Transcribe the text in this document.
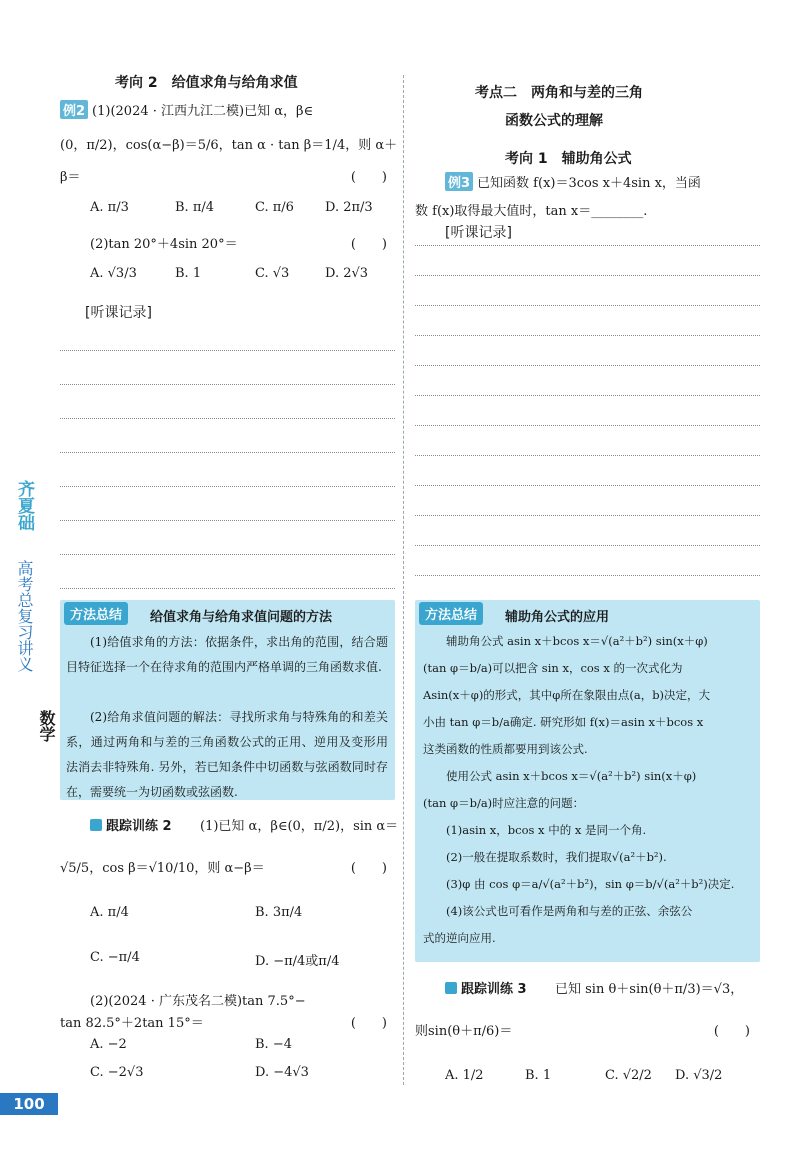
考向 2　给值求角与给角求值
例2 (1)(2024 · 江西九江二模)已知 α，β∈
(0，π/2)，cos(α−β)＝5/6，tan α · tan β＝1/4，则 α＋
β＝	(　　)
A. π/3	B. π/4	C. π/6 D. 2π/3
(2)tan 20°＋4sin 20°＝	(　　)
A. √3/3	B. 1	C. √3	D. 2√3
[听课记录]
方法总结	给值求角与给角求值问题的方法
(1)给值求角的方法：依据条件，求出角的范围，结合题目特征选择一个在待求角的范围内严格单调的三角函数求值.
(2)给角求值问题的解法：寻找所求角与特殊角的和差关系，通过两角和与差的三角函数公式的正用、逆用及变形用法消去非特殊角. 另外，若已知条件中切函数与弦函数同时存在，需要统一为切函数或弦函数.
跟踪训练 2 (1)已知 α，β∈(0，π/2)，sin α＝
√5/5，cos β＝√10/10，则 α−β＝	(　　)
A. π/4	B. 3π/4
C. −π/4	D. −π/4或π/4
(2)(2024 · 广东茂名二模)tan 7.5°−
tan 82.5°＋2tan 15°＝	(　　)
A. −2	B. −4
C. −2√3	D. −4√3
考点二　两角和与差的三角
函数公式的理解
考向 1　辅助角公式
例3 已知函数 f(x)＝3cos x＋4sin x，当函
数 f(x)取得最大值时，tan x＝________.
[听课记录]
方法总结	辅助角公式的应用
辅助角公式 asin x＋bcos x＝√(a²＋b²) sin(x＋φ)
(tan φ＝b/a)可以把含 sin x，cos x 的一次式化为
Asin(x＋φ)的形式，其中φ所在象限由点(a，b)决定，大
小由 tan φ＝b/a确定. 研究形如 f(x)＝asin x＋bcos x
这类函数的性质都要用到该公式.
使用公式 asin x＋bcos x＝√(a²＋b²) sin(x＋φ)
(tan φ＝b/a)时应注意的问题：
(1)asin x，bcos x 中的 x 是同一个角.
(2)一般在提取系数时，我们提取√(a²＋b²).
(3)φ 由 cos φ＝a/√(a²＋b²)，sin φ＝b/√(a²＋b²)决定.
(4)该公式也可看作是两角和与差的正弦、余弦公
式的逆向应用.
跟踪训练 3 已知 sin θ＋sin(θ＋π/3)＝√3，
则sin(θ＋π/6)＝	(　　)
A. 1/2	B. 1	C. √2/2 D. √3/2
齐夏础
高考总复习讲义
数学
100
